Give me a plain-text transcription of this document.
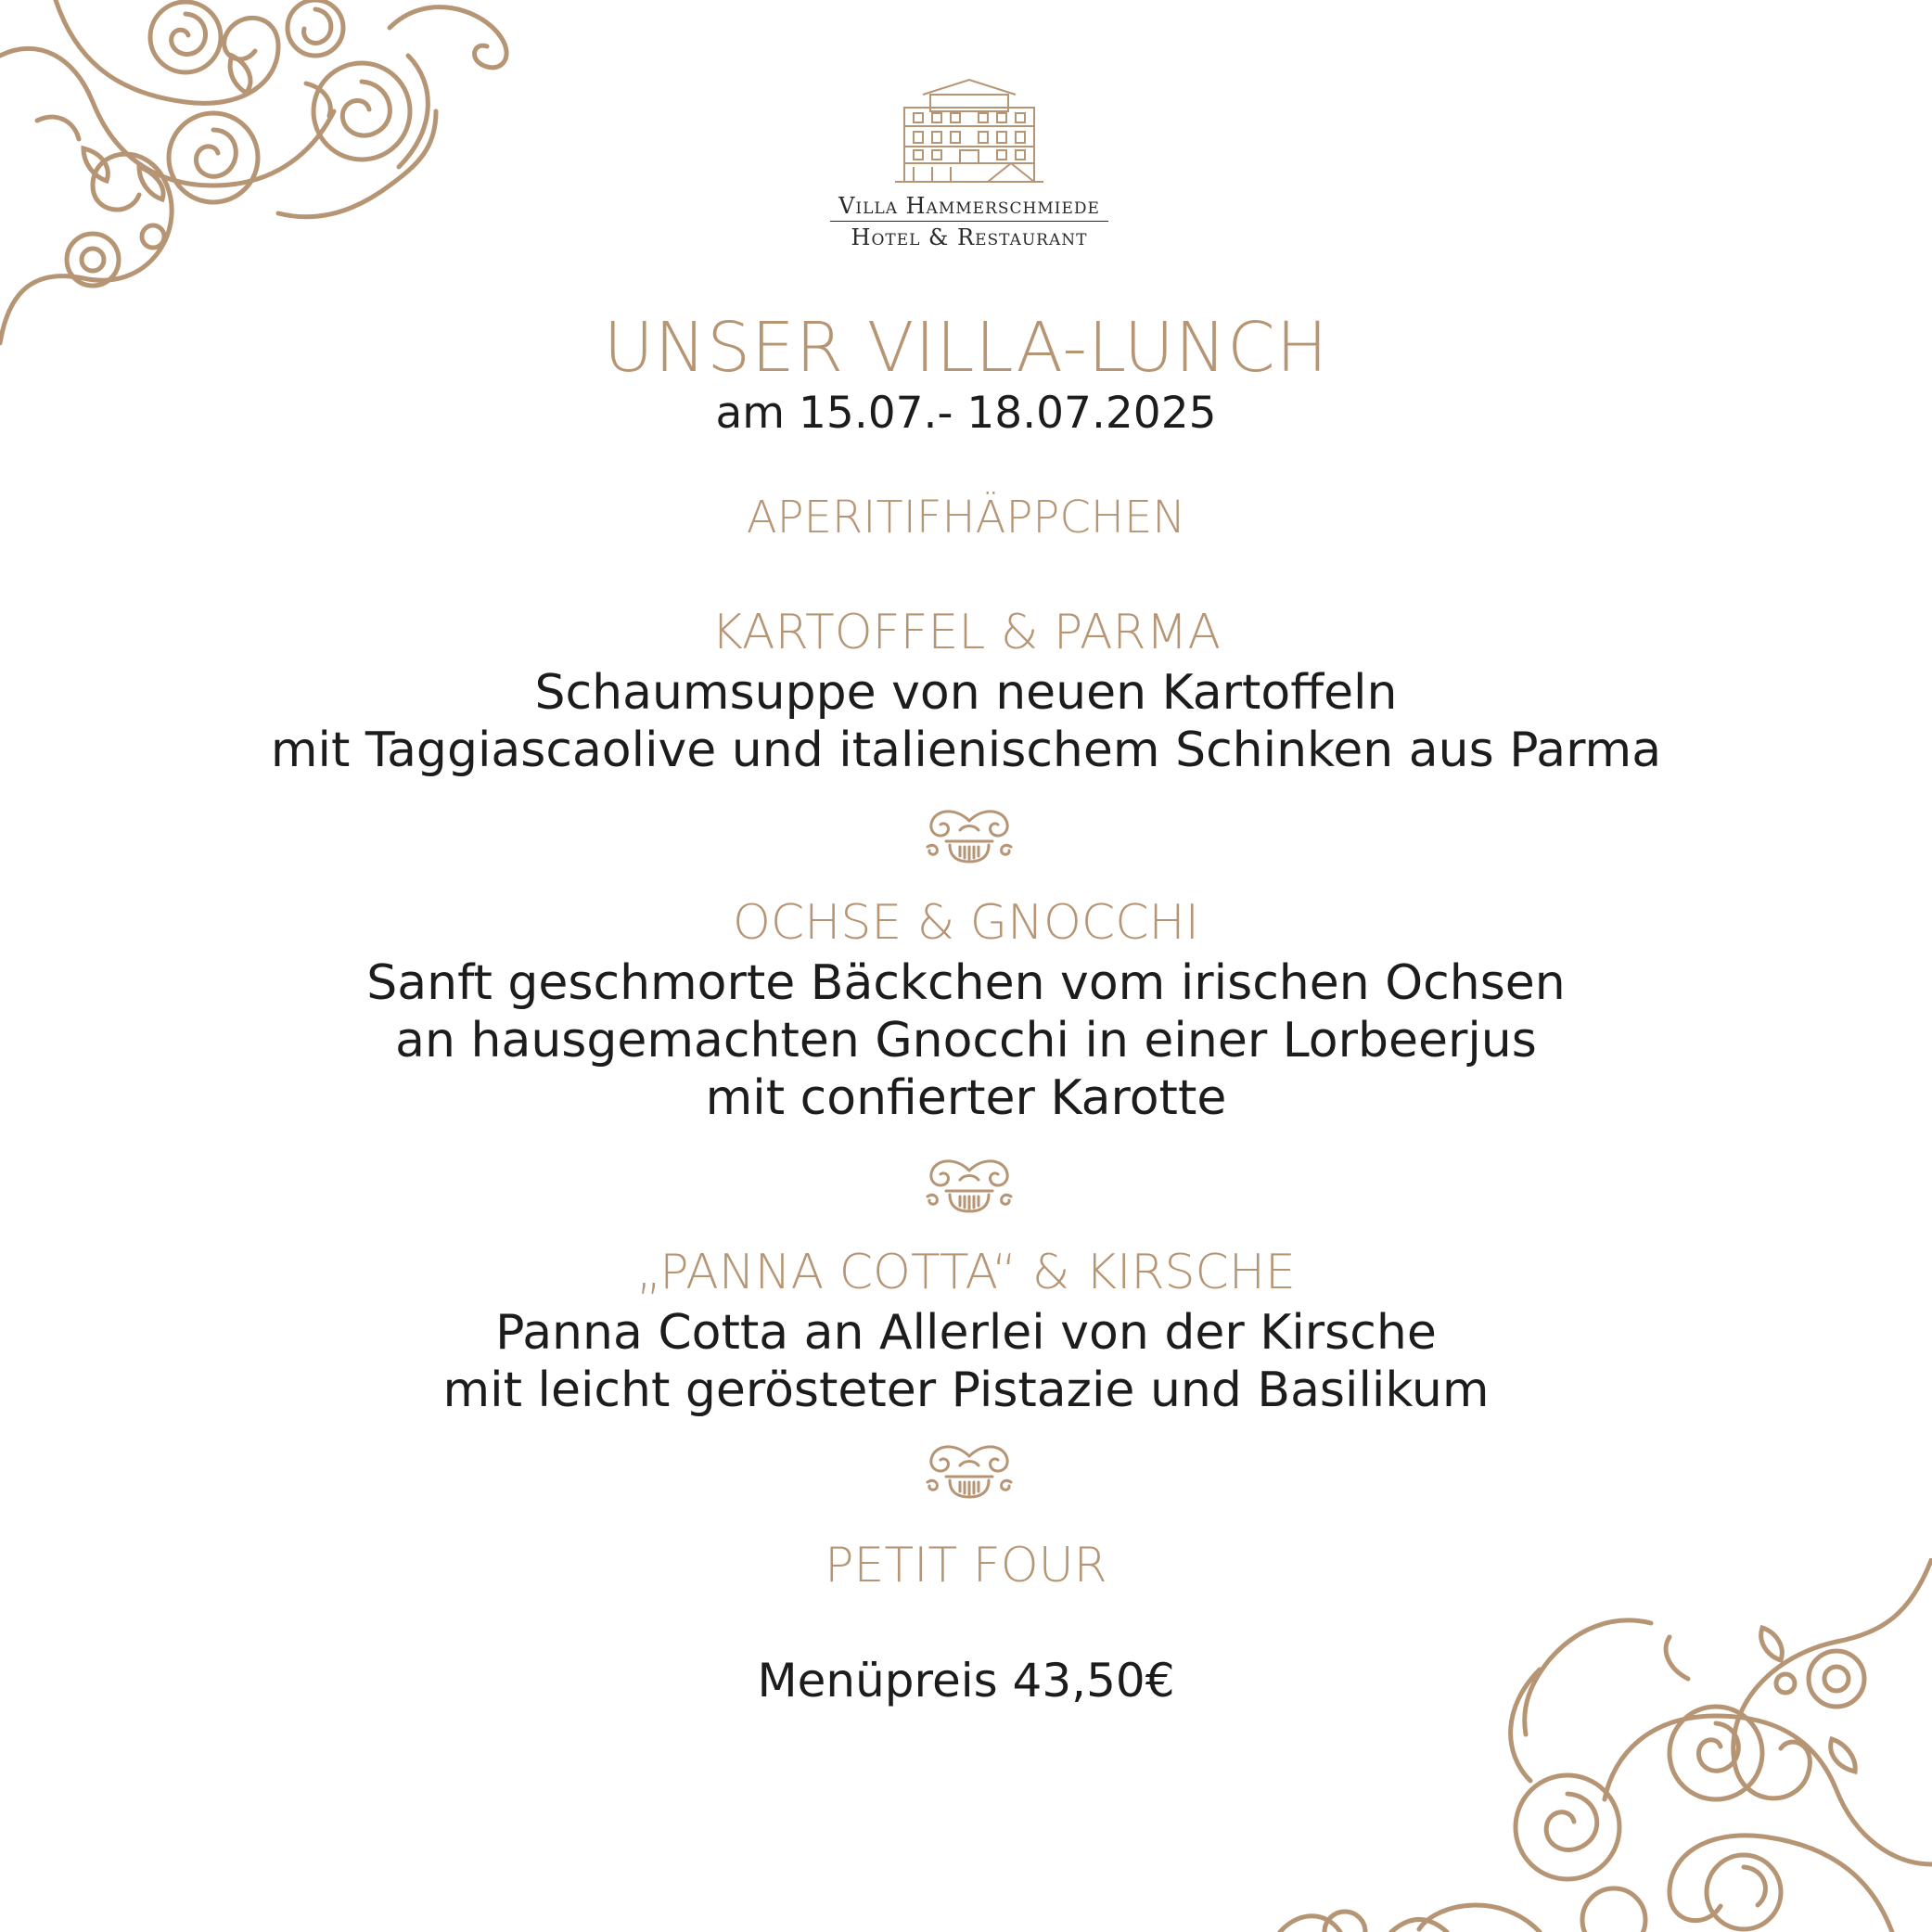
Villa Hammerschmiede
Hotel & Restaurant
UNSER VILLA-LUNCH
am 15.07.- 18.07.2025
APERITIFHÄPPCHEN
KARTOFFEL & PARMA
Schaumsuppe von neuen Kartoffeln
mit Taggiascaolive und italienischem Schinken aus Parma
OCHSE & GNOCCHI
Sanft geschmorte Bäckchen vom irischen Ochsen
an hausgemachten Gnocchi in einer Lorbeerjus
mit confierter Karotte
„PANNA COTTA“ & KIRSCHE
Panna Cotta an Allerlei von der Kirsche
mit leicht gerösteter Pistazie und Basilikum
PETIT FOUR
Menüpreis 43,50€
